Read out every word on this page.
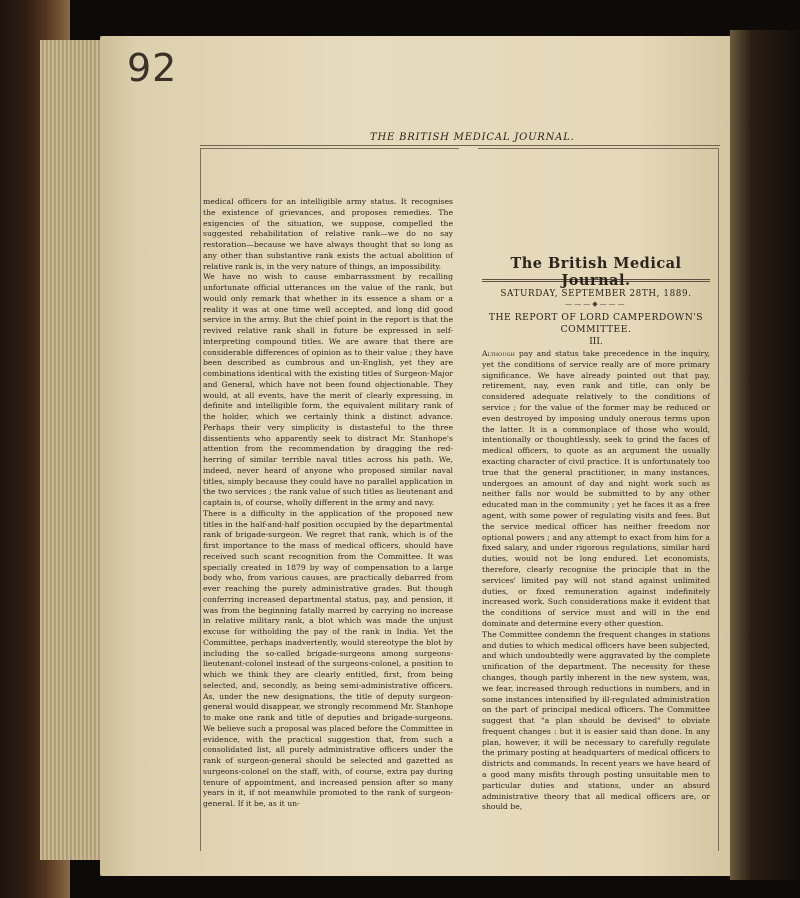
92
THE BRITISH MEDICAL JOURNAL.

medical officers for an intelligible army status. It recognises the existence of grievances, and proposes remedies. The exigencies of the situation, we suppose, compelled the suggested rehabilitation of relative rank—we do no say restoration—because we have always thought that so long as any other than substantive rank exists the actual abolition of relative rank is, in the very nature of things, an impossibility.

We have no wish to cause embarrassment by recalling unfortunate official utterances on the value of the rank, but would only remark that whether in its essence a sham or a reality it was at one time well accepted, and long did good service in the army. But the chief point in the report is that the revived relative rank shall in future be expressed in self-interpreting compound titles. We are aware that there are considerable differences of opinion as to their value ; they have been described as cumbrous and un-English, yet they are combinations identical with the existing titles of Surgeon-Major and General, which have not been found objectionable. They would, at all events, have the merit of clearly expressing, in definite and intelligible form, the equivalent military rank of the holder, which we certainly think a distinct advance. Perhaps their very simplicity is distasteful to the three dissentients who apparently seek to distract Mr. Stanhope's attention from the recommendation by dragging the red-herring of similar terrible naval titles across his path. We, indeed, never heard of anyone who proposed similar naval titles, simply because they could have no parallel application in the two services ; the rank value of such titles as lieutenant and captain is, of course, wholly different in the army and navy.

There is a difficulty in the application of the proposed new titles in the half-and-half position occupied by the departmental rank of brigade-surgeon. We regret that rank, which is of the first importance to the mass of medical officers, should have received such scant recognition from the Committee. It was specially created in 1879 by way of compensation to a large body who, from various causes, are practically debarred from ever reaching the purely administrative grades. But though conferring increased departmental status, pay, and pension, it was from the beginning fatally marred by carrying no increase in relative military rank, a blot which was made the unjust excuse for witholding the pay of the rank in India. Yet the Committee, perhaps inadvertently, would stereotype the blot by including the so-called brigade-surgeons among surgeons-lieutenant-colonel instead of the surgeons-colonel, a position to which we think they are clearly entitled, first, from being selected, and, secondly, as being semi-administrative officers. As, under the new designations, the title of deputy surgeon-general would disappear, we strongly recommend Mr. Stanhope to make one rank and title of deputies and brigade-surgeons. We believe such a proposal was placed before the Committee in evidence, with the practical suggestion that, from such a consolidated list, all purely administrative officers under the rank of surgeon-general should be selected and gazetted as surgeons-colonel on the staff, with, of course, extra pay during tenure of appointment, and increased pension after so many years in it, if not meanwhile promoted to the rank of surgeon-general. If it be, as it un-

The British Medical Journal.
SATURDAY, SEPTEMBER 28TH, 1889.
———◆———
THE REPORT OF LORD CAMPERDOWN'S COMMITTEE.
III.

Although pay and status take precedence in the inquiry, yet the conditions of service really are of more primary significance. We have already pointed out that pay, retirement, nay, even rank and title, can only be considered adequate relatively to the conditions of service ; for the value of the former may be reduced or even destroyed by imposing unduly onerous terms upon the latter. It is a commonplace of those who would, intentionally or thoughtlessly, seek to grind the faces of medical officers, to quote as an argument the usually exacting character of civil practice. It is unfortunately too true that the general practitioner, in many instances, undergoes an amount of day and night work such as neither falls nor would be submitted to by any other educated man in the community ; yet he faces it as a free agent, with some power of regulating visits and fees. But the service medical officer has neither freedom nor optional powers ; and any attempt to exact from him for a fixed salary, and under rigorous regulations, similar hard duties, would not be long endured. Let economists, therefore, clearly recognise the principle that in the services' limited pay will not stand against unlimited duties, or fixed remuneration against indefinitely increased work. Such considerations make it evident that the conditions of service must and will in the end dominate and determine every other question.

The Committee condemn the frequent changes in stations and duties to which medical officers have been subjected, and which undoubtedly were aggravated by the complete unification of the department. The necessity for these changes, though partly inherent in the new system, was, we fear, increased through reductions in numbers, and in some instances intensified by ill-regulated administration on the part of principal medical officers. The Committee suggest that "a plan should be devised" to obviate frequent changes : but it is easier said than done. In any plan, however, it will be necessary to carefully regulate the primary posting at headquarters of medical officers to districts and commands. In recent years we have heard of a good many misfits through posting unsuitable men to particular duties and stations, under an absurd administrative theory that all medical officers are, or should be,
